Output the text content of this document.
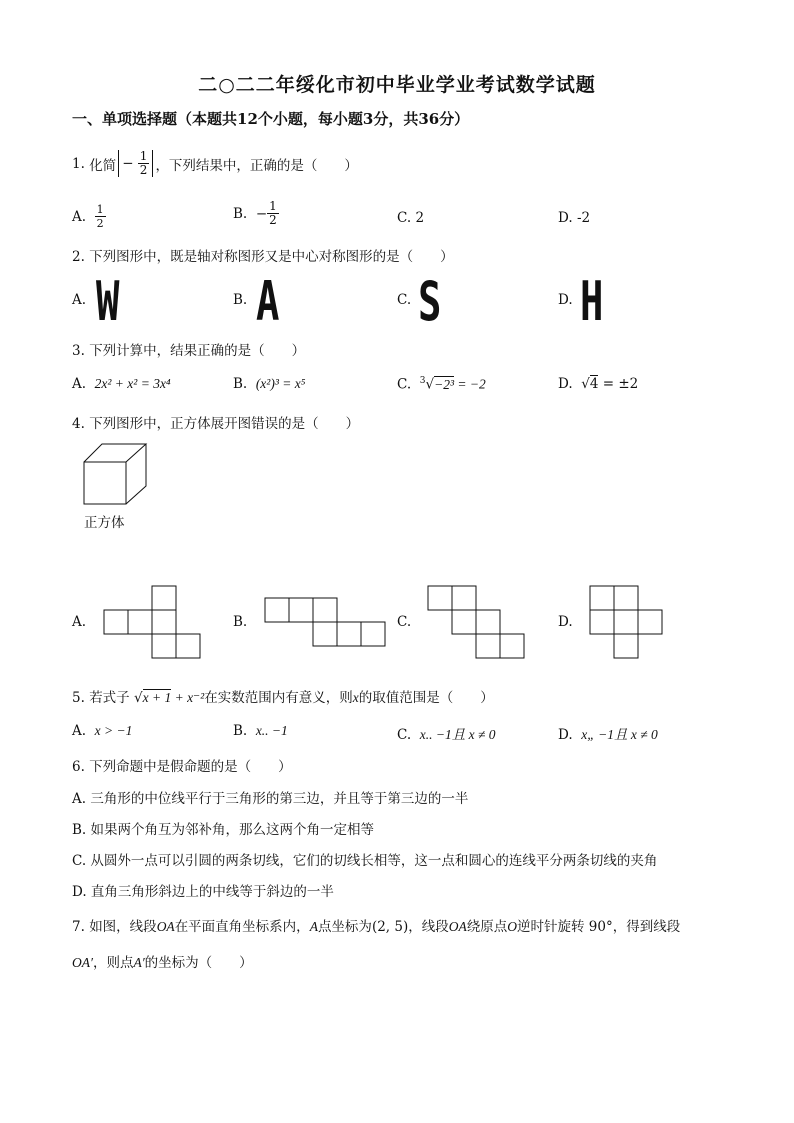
二○二二年绥化市初中毕业学业考试数学试题
一、单项选择题（本题共12个小题，每小题3分，共36分）
1.
化简 − $\frac{1}{2}$ ，下列结果中，正确的是（　　）
A.
$\frac{1}{2}$	B.
− $\frac{1}{2}$	C. 2	D. -2
2. 下列图形中，既是轴对称图形又是中心对称图形的是（　　）
A. W	B. A	C. S	D. H
3. 下列计算中，结果正确的是（　　）
A. 2x² + x² = 3x⁴	B. (x²)³ = x⁵	C. $^3$√−2³ = −2	D. √4 = ±2
4. 下列图形中，正方体展开图错误的是（　　）
正方体
A.	B.	C.	D.
5. 若式子 √x + 1 + x⁻²在实数范围内有意义，则x的取值范围是（　　）
A. x > −1	B. x.. −1	C. x.. −1且 x ≠ 0	D. x„ −1且 x ≠ 0
6. 下列命题中是假命题的是（　　）
A. 三角形的中位线平行于三角形的第三边，并且等于第三边的一半
B. 如果两个角互为邻补角，那么这两个角一定相等
C. 从圆外一点可以引圆的两条切线，它们的切线长相等，这一点和圆心的连线平分两条切线的夹角
D. 直角三角形斜边上的中线等于斜边的一半
7. 如图，线段OA在平面直角坐标系内，A点坐标为(2, 5)，线段OA绕原点O逆时针旋转 90°，得到线段
OA′，则点A′的坐标为（　　）
